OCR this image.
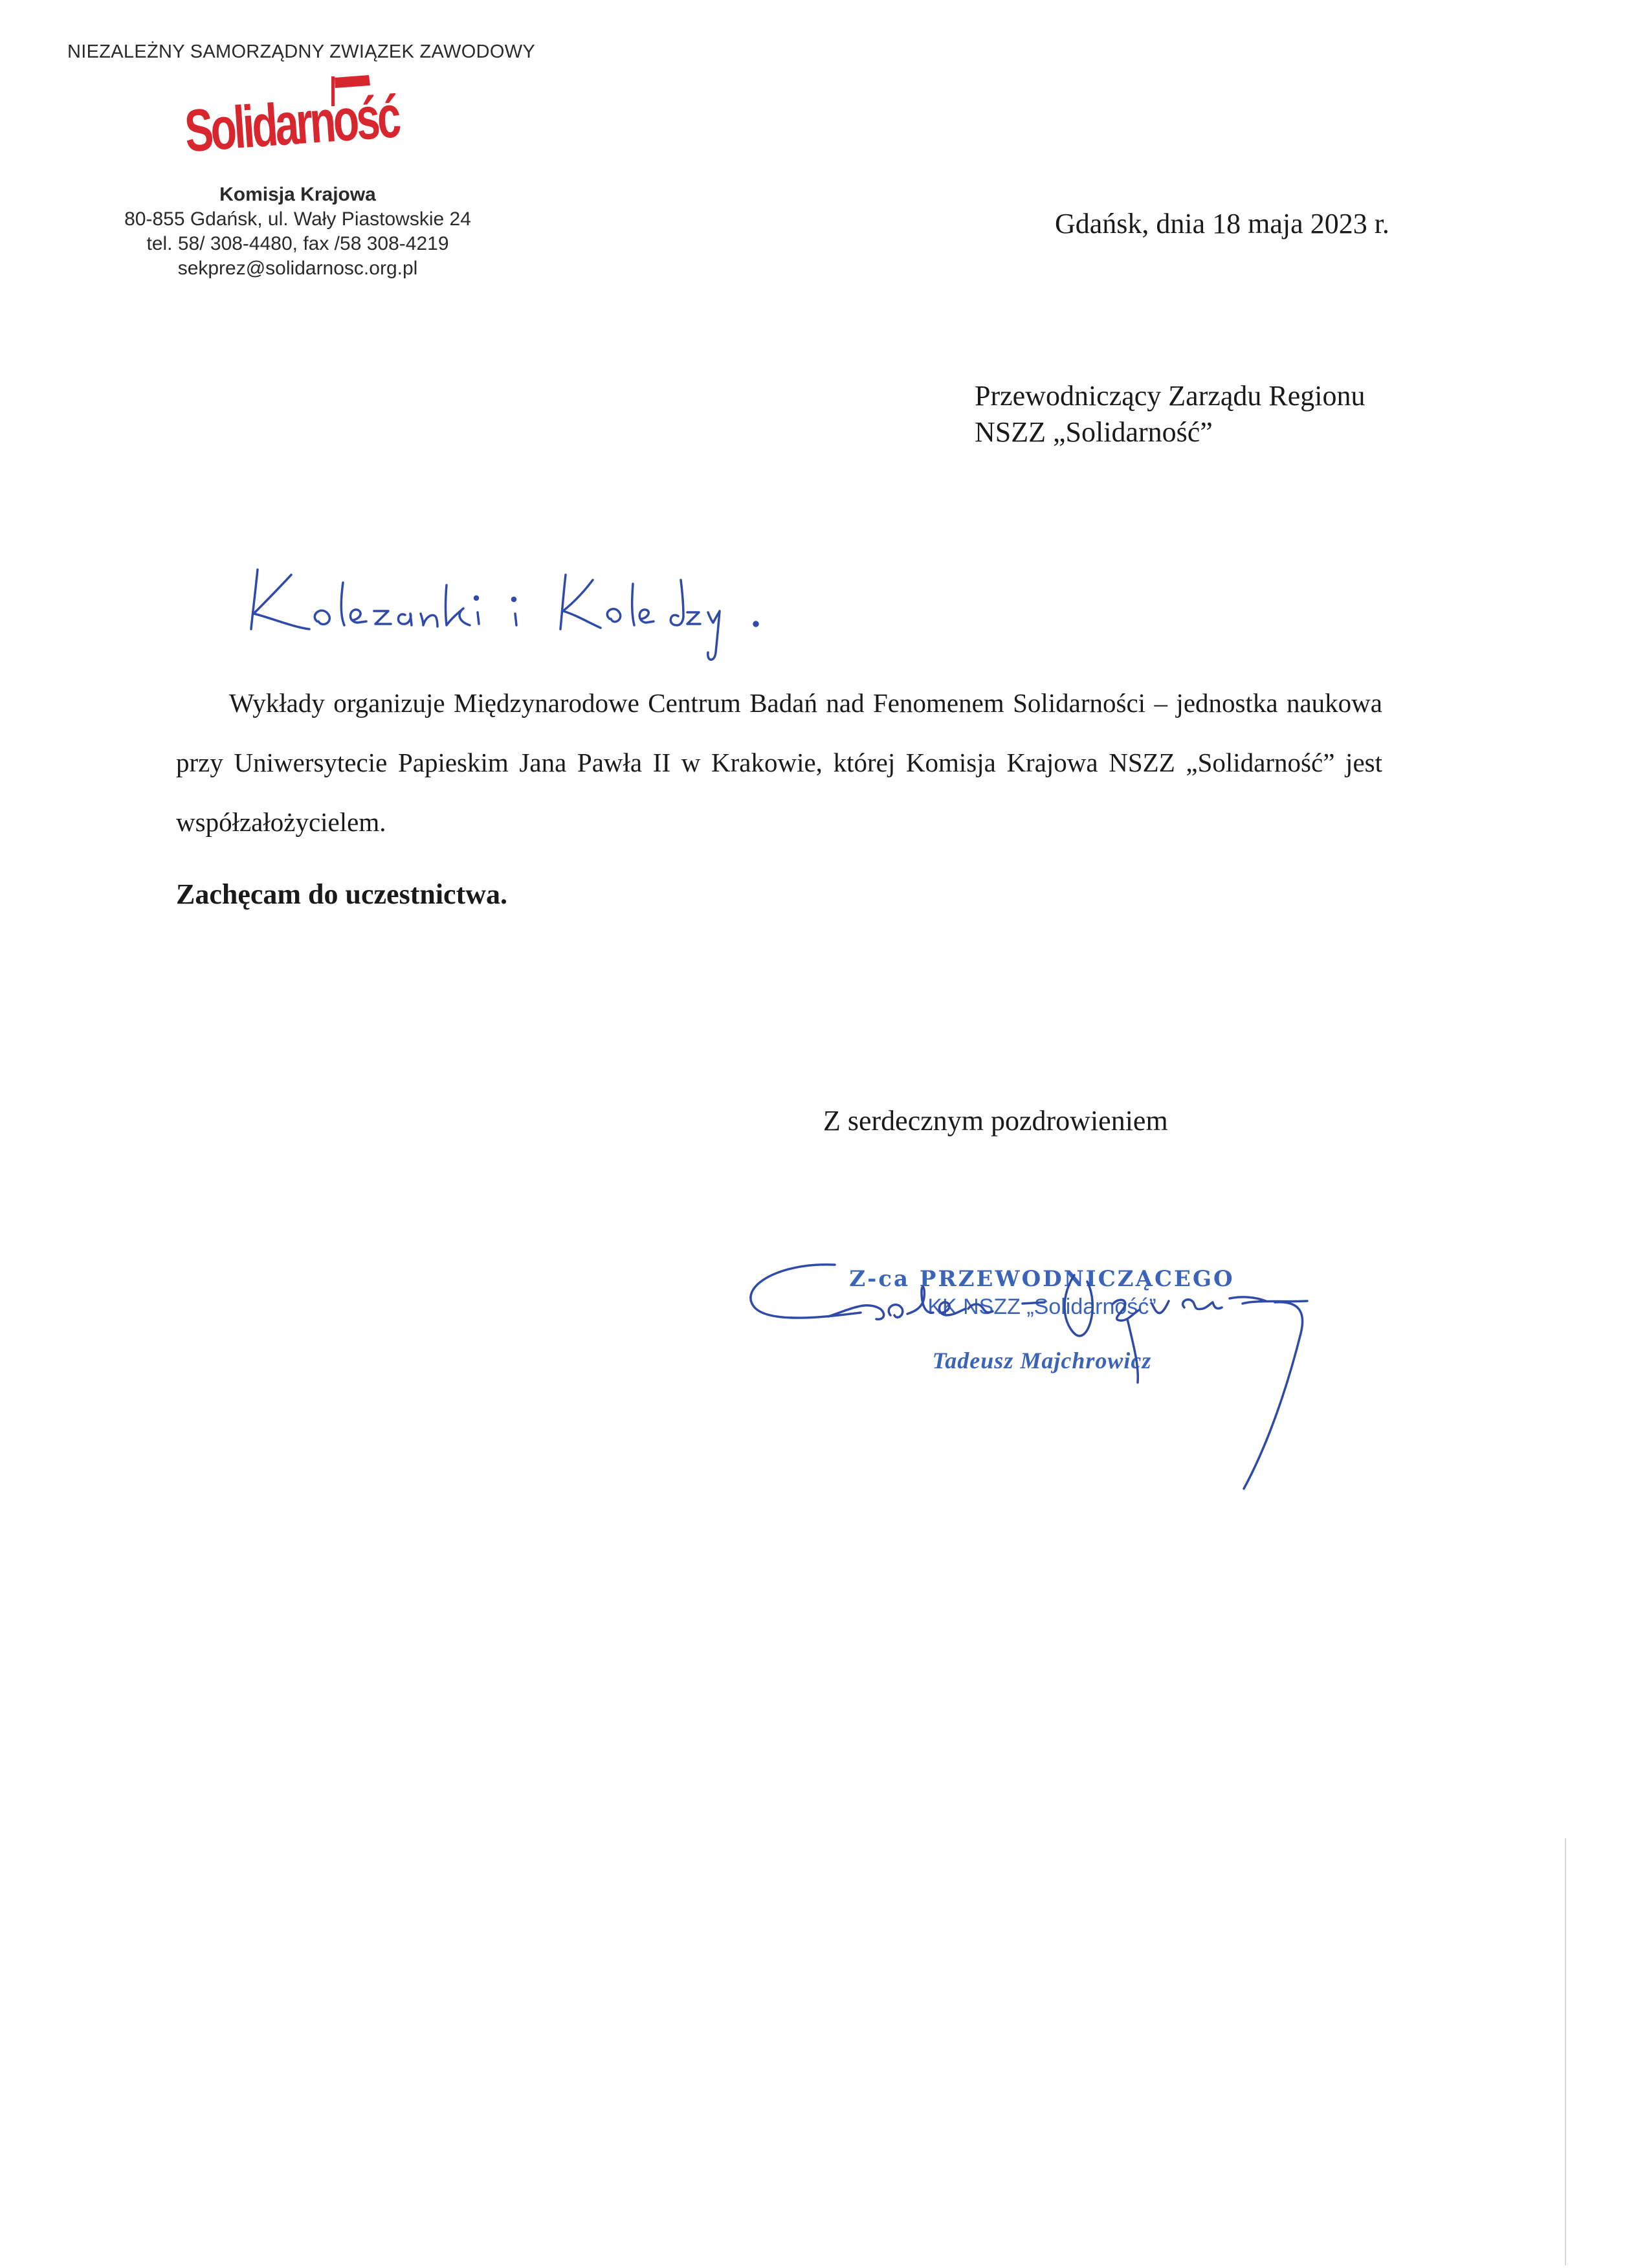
NIEZALEŻNY SAMORZĄDNY ZWIĄZEK ZAWODOWY
Solidarność
Komisja Krajowa
80-855 Gdańsk, ul. Wały Piastowskie 24
tel. 58/ 308-4480, fax /58 308-4219
sekprez@solidarnosc.org.pl
Gdańsk, dnia 18 maja 2023 r.
Przewodniczący Zarządu Regionu
NSZZ „Solidarność”
Wykłady organizuje Międzynarodowe Centrum Badań nad Fenomenem Solidarności – jednostka naukowa przy Uniwersytecie Papieskim Jana Pawła II w Krakowie, której Komisja Krajowa NSZZ „Solidarność” jest współzałożycielem.
Zachęcam do uczestnictwa.
Z serdecznym pozdrowieniem
Z-ca PRZEWODNICZĄCEGO
KK NSZZ „Solidarność”
Tadeusz Majchrowicz
